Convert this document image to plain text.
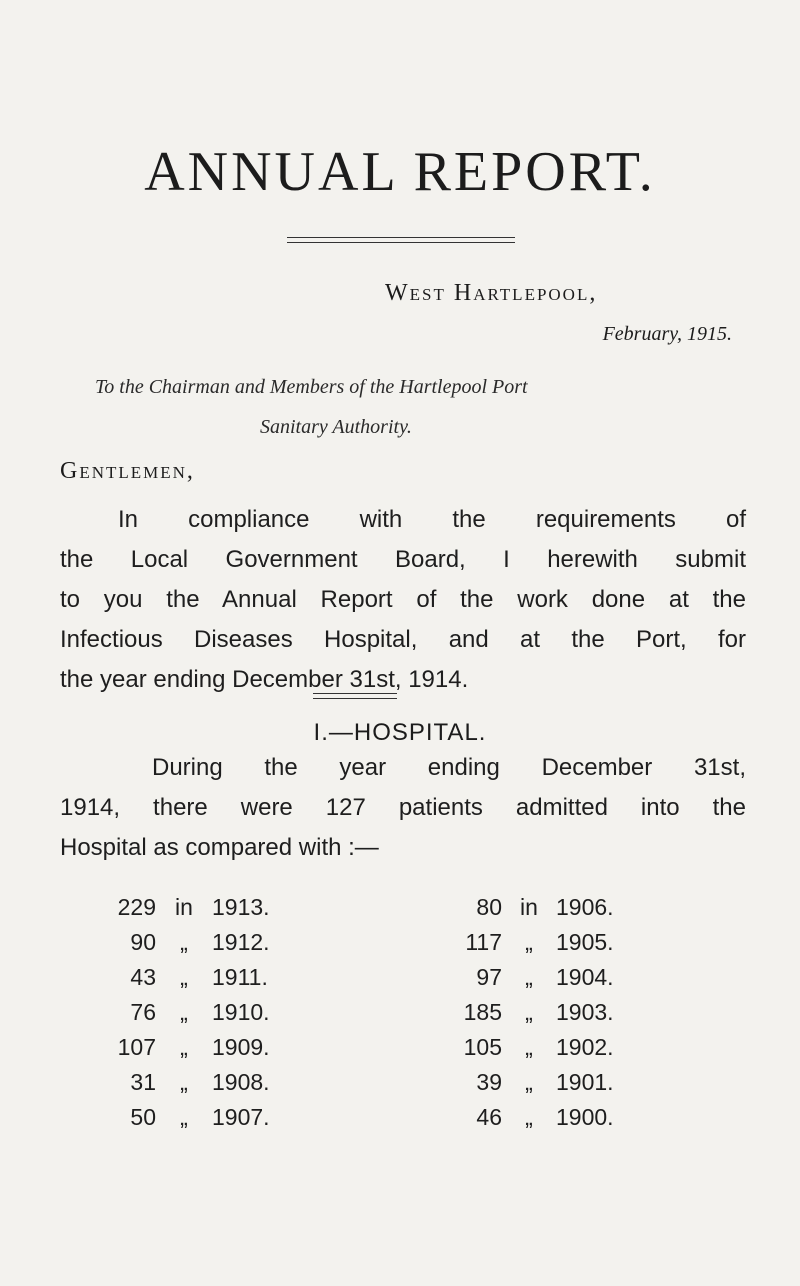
ANNUAL REPORT.
West Hartlepool,
February, 1915.
To the Chairman and Members of the Hartlepool Port
Sanitary Authority.
Gentlemen,
In compliance with the requirements of
the Local Government Board, I herewith submit
to you the Annual Report of the work done at the
Infectious Diseases Hospital, and at the Port, for
the year ending December 31st, 1914.
I.—HOSPITAL.
During the year ending December 31st,
1914, there were 127 patients admitted into the
Hospital as compared with :—
229	in	1913.	80	in	1906.
90	„	1912.	117	„	1905.
43	„	1911.	97	„	1904.
76	„	1910.	185	„	1903.
107	„	1909.	105	„	1902.
31	„	1908.	39	„	1901.
50	„	1907.	46	„	1900.
